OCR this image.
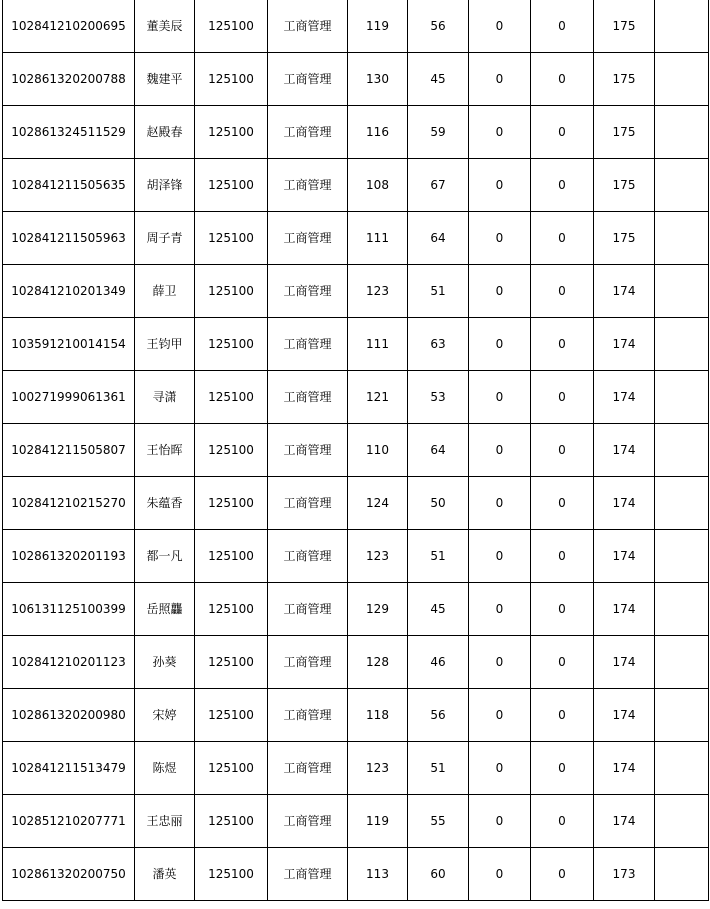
102841210200695	董美辰	125100	工商管理	119	56	0	0	175	
102861320200788	魏建平	125100	工商管理	130	45	0	0	175	
102861324511529	赵殿春	125100	工商管理	116	59	0	0	175	
102841211505635	胡泽锋	125100	工商管理	108	67	0	0	175	
102841211505963	周子青	125100	工商管理	111	64	0	0	175	
102841210201349	薛卫	125100	工商管理	123	51	0	0	174	
103591210014154	王钧甲	125100	工商管理	111	63	0	0	174	
100271999061361	寻潇	125100	工商管理	121	53	0	0	174	
102841211505807	王怡晖	125100	工商管理	110	64	0	0	174	
102841210215270	朱蕴香	125100	工商管理	124	50	0	0	174	
102861320201193	都一凡	125100	工商管理	123	51	0	0	174	
106131125100399	岳照龘	125100	工商管理	129	45	0	0	174	
102841210201123	孙葵	125100	工商管理	128	46	0	0	174	
102861320200980	宋婷	125100	工商管理	118	56	0	0	174	
102841211513479	陈煜	125100	工商管理	123	51	0	0	174	
102851210207771	王忠丽	125100	工商管理	119	55	0	0	174	
102861320200750	潘英	125100	工商管理	113	60	0	0	173	
